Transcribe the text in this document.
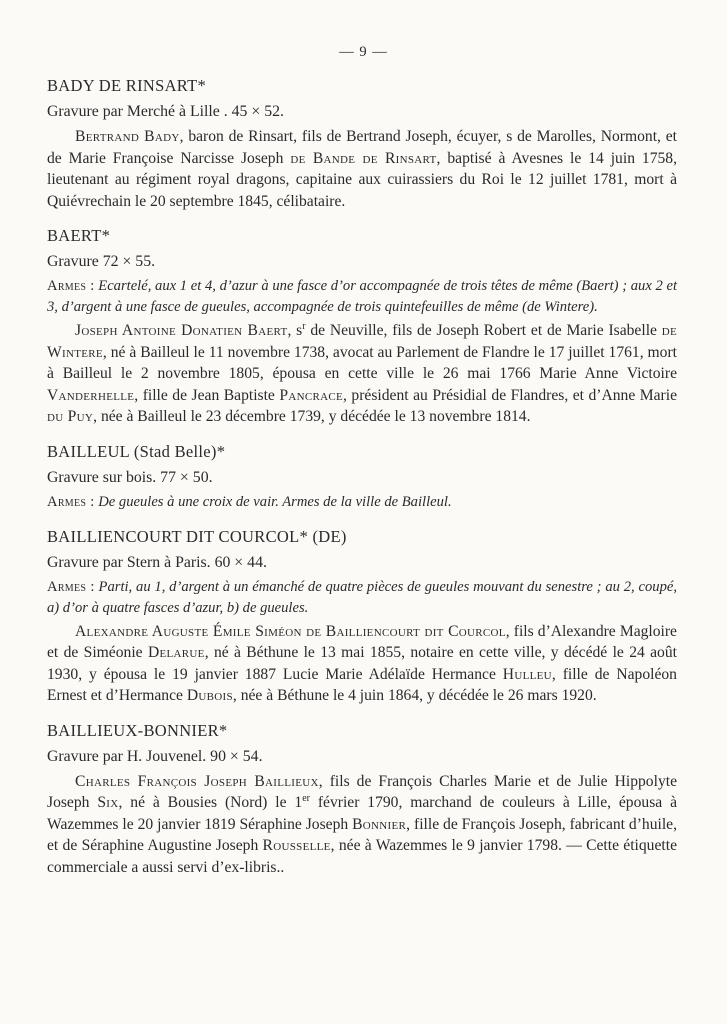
— 9 —
BADY DE RINSART*
Gravure par Merché à Lille . 45 × 52.
Bertrand Bady, baron de Rinsart, fils de Bertrand Joseph, écuyer, s de Marolles, Normont, et de Marie Françoise Narcisse Joseph de Bande de Rinsart, baptisé à Avesnes le 14 juin 1758, lieutenant au régiment royal dragons, capitaine aux cuirassiers du Roi le 12 juillet 1781, mort à Quiévrechain le 20 septembre 1845, célibataire.
BAERT*
Gravure 72 × 55.
Armes : Ecartelé, aux 1 et 4, d’azur à une fasce d’or accompagnée de trois têtes de même (Baert) ; aux 2 et 3, d’argent à une fasce de gueules, accompagnée de trois quintefeuilles de même (de Wintere).
Joseph Antoine Donatien Baert, $s^r$ de Neuville, fils de Joseph Robert et de Marie Isabelle de Wintere, né à Bailleul le 11 novembre 1738, avocat au Parlement de Flandre le 17 juillet 1761, mort à Bailleul le 2 novembre 1805, épousa en cette ville le 26 mai 1766 Marie Anne Victoire Vanderhelle, fille de Jean Baptiste Pancrace, président au Présidial de Flandres, et d’Anne Marie du Puy, née à Bailleul le 23 décembre 1739, y décédée le 13 novembre 1814.
BAILLEUL (Stad Belle)*
Gravure sur bois. 77 × 50.
Armes : De gueules à une croix de vair. Armes de la ville de Bailleul.
BAILLIENCOURT DIT COURCOL* (DE)
Gravure par Stern à Paris. 60 × 44.
Armes : Parti, au 1, d’argent à un émanché de quatre pièces de gueules mouvant du senestre ; au 2, coupé, a) d’or à quatre fasces d’azur, b) de gueules.
Alexandre Auguste Émile Siméon de Bailliencourt dit Courcol, fils d’Alexandre Magloire et de Siméonie Delarue, né à Béthune le 13 mai 1855, notaire en cette ville, y décédé le 24 août 1930, y épousa le 19 janvier 1887 Lucie Marie Adélaïde Hermance Hulleu, fille de Napoléon Ernest et d’Hermance Dubois, née à Béthune le 4 juin 1864, y décédée le 26 mars 1920.
BAILLIEUX-BONNIER*
Gravure par H. Jouvenel. 90 × 54.
Charles François Joseph Baillieux, fils de François Charles Marie et de Julie Hippolyte Joseph Six, né à Bousies (Nord) le 1er février 1790, marchand de couleurs à Lille, épousa à Wazemmes le 20 janvier 1819 Séraphine Joseph Bonnier, fille de François Joseph, fabricant d’huile, et de Séraphine Augustine Joseph Rousselle, née à Wazemmes le 9 janvier 1798. — Cette étiquette commerciale a aussi servi d’ex-libris..
